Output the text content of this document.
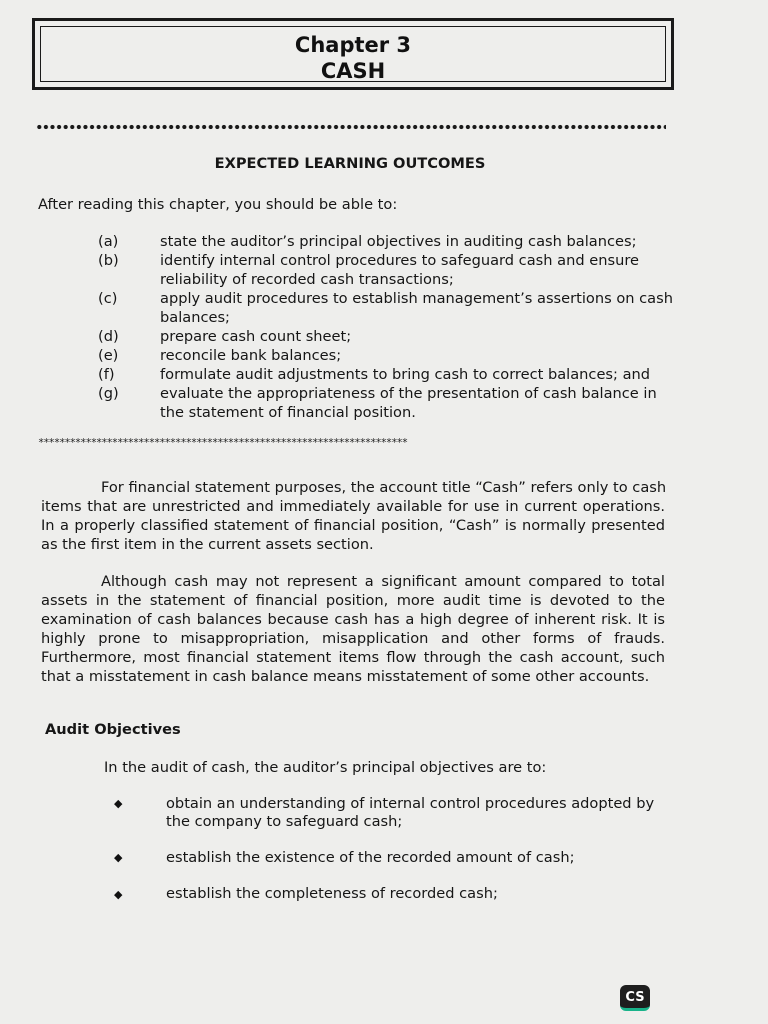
Chapter 3
CASH
EXPECTED LEARNING OUTCOMES
After reading this chapter, you should be able to:
(a)	state the auditor’s principal objectives in auditing cash balances;
(b)	identify internal control procedures to safeguard cash and ensure
reliability of recorded cash transactions;
(c)	apply audit procedures to establish management’s assertions on cash
balances;
(d)	prepare cash count sheet;
(e)	reconcile bank balances;
(f)	formulate audit adjustments to bring cash to correct balances; and
(g)	evaluate the appropriateness of the presentation of cash balance in
the statement of financial position.
**********************************************************************
For financial statement purposes, the account title “Cash” refers only to cash
items that are unrestricted and immediately available for use in current operations.
In a properly classified statement of financial position, “Cash” is normally presented
as the first item in the current assets section.
Although cash may not represent a significant amount compared to total
assets in the statement of financial position, more audit time is devoted to the
examination of cash balances because cash has a high degree of inherent risk. It is
highly prone to misappropriation, misapplication and other forms of frauds.
Furthermore, most financial statement items flow through the cash account, such
that a misstatement in cash balance means misstatement of some other accounts.
Audit Objectives
In the audit of cash, the auditor’s principal objectives are to:
◆	obtain an understanding of internal control procedures adopted by
the company to safeguard cash;
◆	establish the existence of the recorded amount of cash;
◆	establish the completeness of recorded cash;
CS
